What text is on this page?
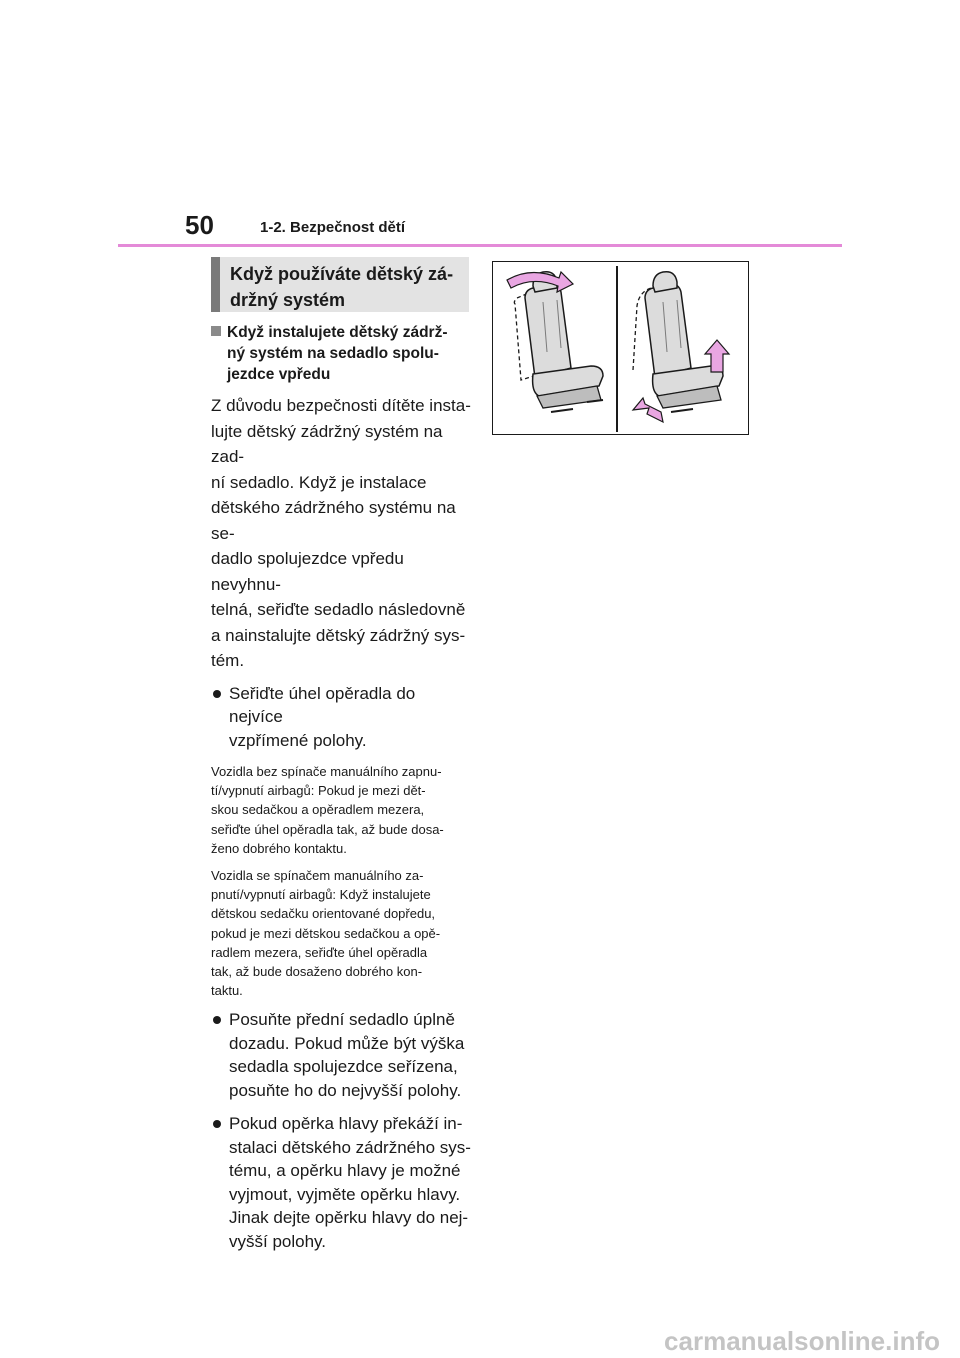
50	1-2. Bezpečnost dětí
Když používáte dětský zá-
držný systém
Když instalujete dětský zádrž-
ný systém na sedadlo spolu-
jezdce vpředu
Z důvodu bezpečnosti dítěte insta-
lujte dětský zádržný systém na zad-
ní sedadlo. Když je instalace
dětského zádržného systému na se-
dadlo spolujezdce vpředu nevyhnu-
telná, seřiďte sedadlo následovně
a nainstalujte dětský zádržný sys-
tém.
Seřiďte úhel opěradla do nejvíce
vzpřímené polohy.
Vozidla bez spínače manuálního zapnu-
tí/vypnutí airbagů: Pokud je mezi dět-
skou sedačkou a opěradlem mezera,
seřiďte úhel opěradla tak, až bude dosa-
ženo dobrého kontaktu.
Vozidla se spínačem manuálního za-
pnutí/vypnutí airbagů: Když instalujete
dětskou sedačku orientované dopředu,
pokud je mezi dětskou sedačkou a opě-
radlem mezera, seřiďte úhel opěradla
tak, až bude dosaženo dobrého kon-
taktu.
Posuňte přední sedadlo úplně
dozadu. Pokud může být výška
sedadla spolujezdce seřízena,
posuňte ho do nejvyšší polohy.
Pokud opěrka hlavy překáží in-
stalaci dětského zádržného sys-
tému, a opěrku hlavy je možné
vyjmout, vyjměte opěrku hlavy.
Jinak dejte opěrku hlavy do nej-
vyšší polohy.
carmanualsonline.info
